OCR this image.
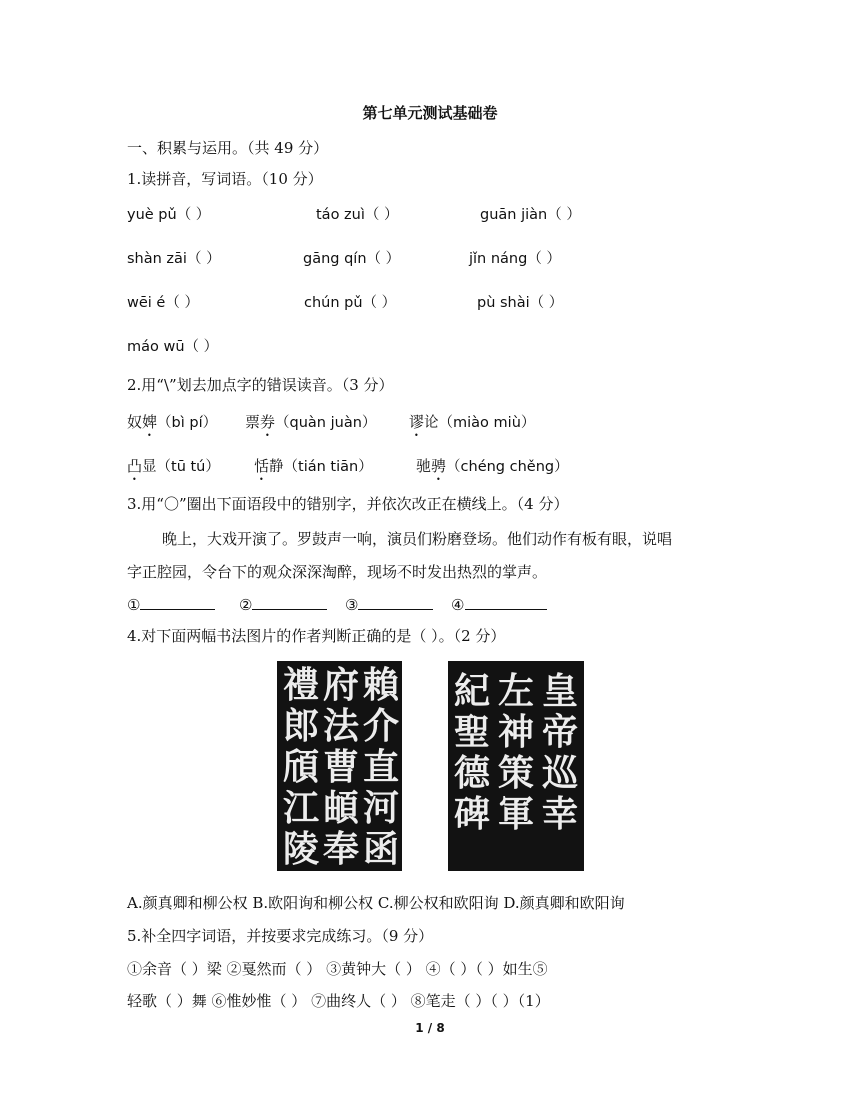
第七单元测试基础卷
一、积累与运用。（共 49 分）
1.读拼音，写词语。（10 分）
yuè pǔ（ ）	táo zuì（ ）	guān jiàn（ ）
shàn zāi（ ）	gāng qín（ ）	jǐn náng（ ）
wēi é（ ）	chún pǔ（ ）	pù shài（ ）
máo wū（ ）
2.用“\”划去加点字的错误读音。（3 分）
奴婢（bì pí） 票券（quàn juàn） 谬论（miào miù）
凸显（tū tú） 恬静（tián tiān）	驰骋（chéng chěng）
3.用“〇”圈出下面语段中的错别字，并依次改正在横线上。（4 分）
晚上，大戏开演了。罗鼓声一响，演员们粉磨登场。他们动作有板有眼，说唱
字正腔园，令台下的观众深深淘醉，现场不时发出热烈的掌声。
①	②	③	④
4.对下面两幅书法图片的作者判断正确的是（ ）。（2 分）
禮
郎
頎
江
陵
府
法
曹
頔
奉
賴
介
直
河
函
紀
聖
德
碑
左
神
策
軍
皇
帝
巡
幸
A.颜真卿和柳公权 B.欧阳询和柳公权 C.柳公权和欧阳询 D.颜真卿和欧阳询
5.补全四字词语，并按要求完成练习。（9 分）
①余音（ ）梁 ②戛然而（ ） ③黄钟大（ ） ④（ ）（ ）如生⑤
轻歌（ ）舞 ⑥惟妙惟（ ） ⑦曲终人（ ） ⑧笔走（ ）（ ）（1）
1 / 8
